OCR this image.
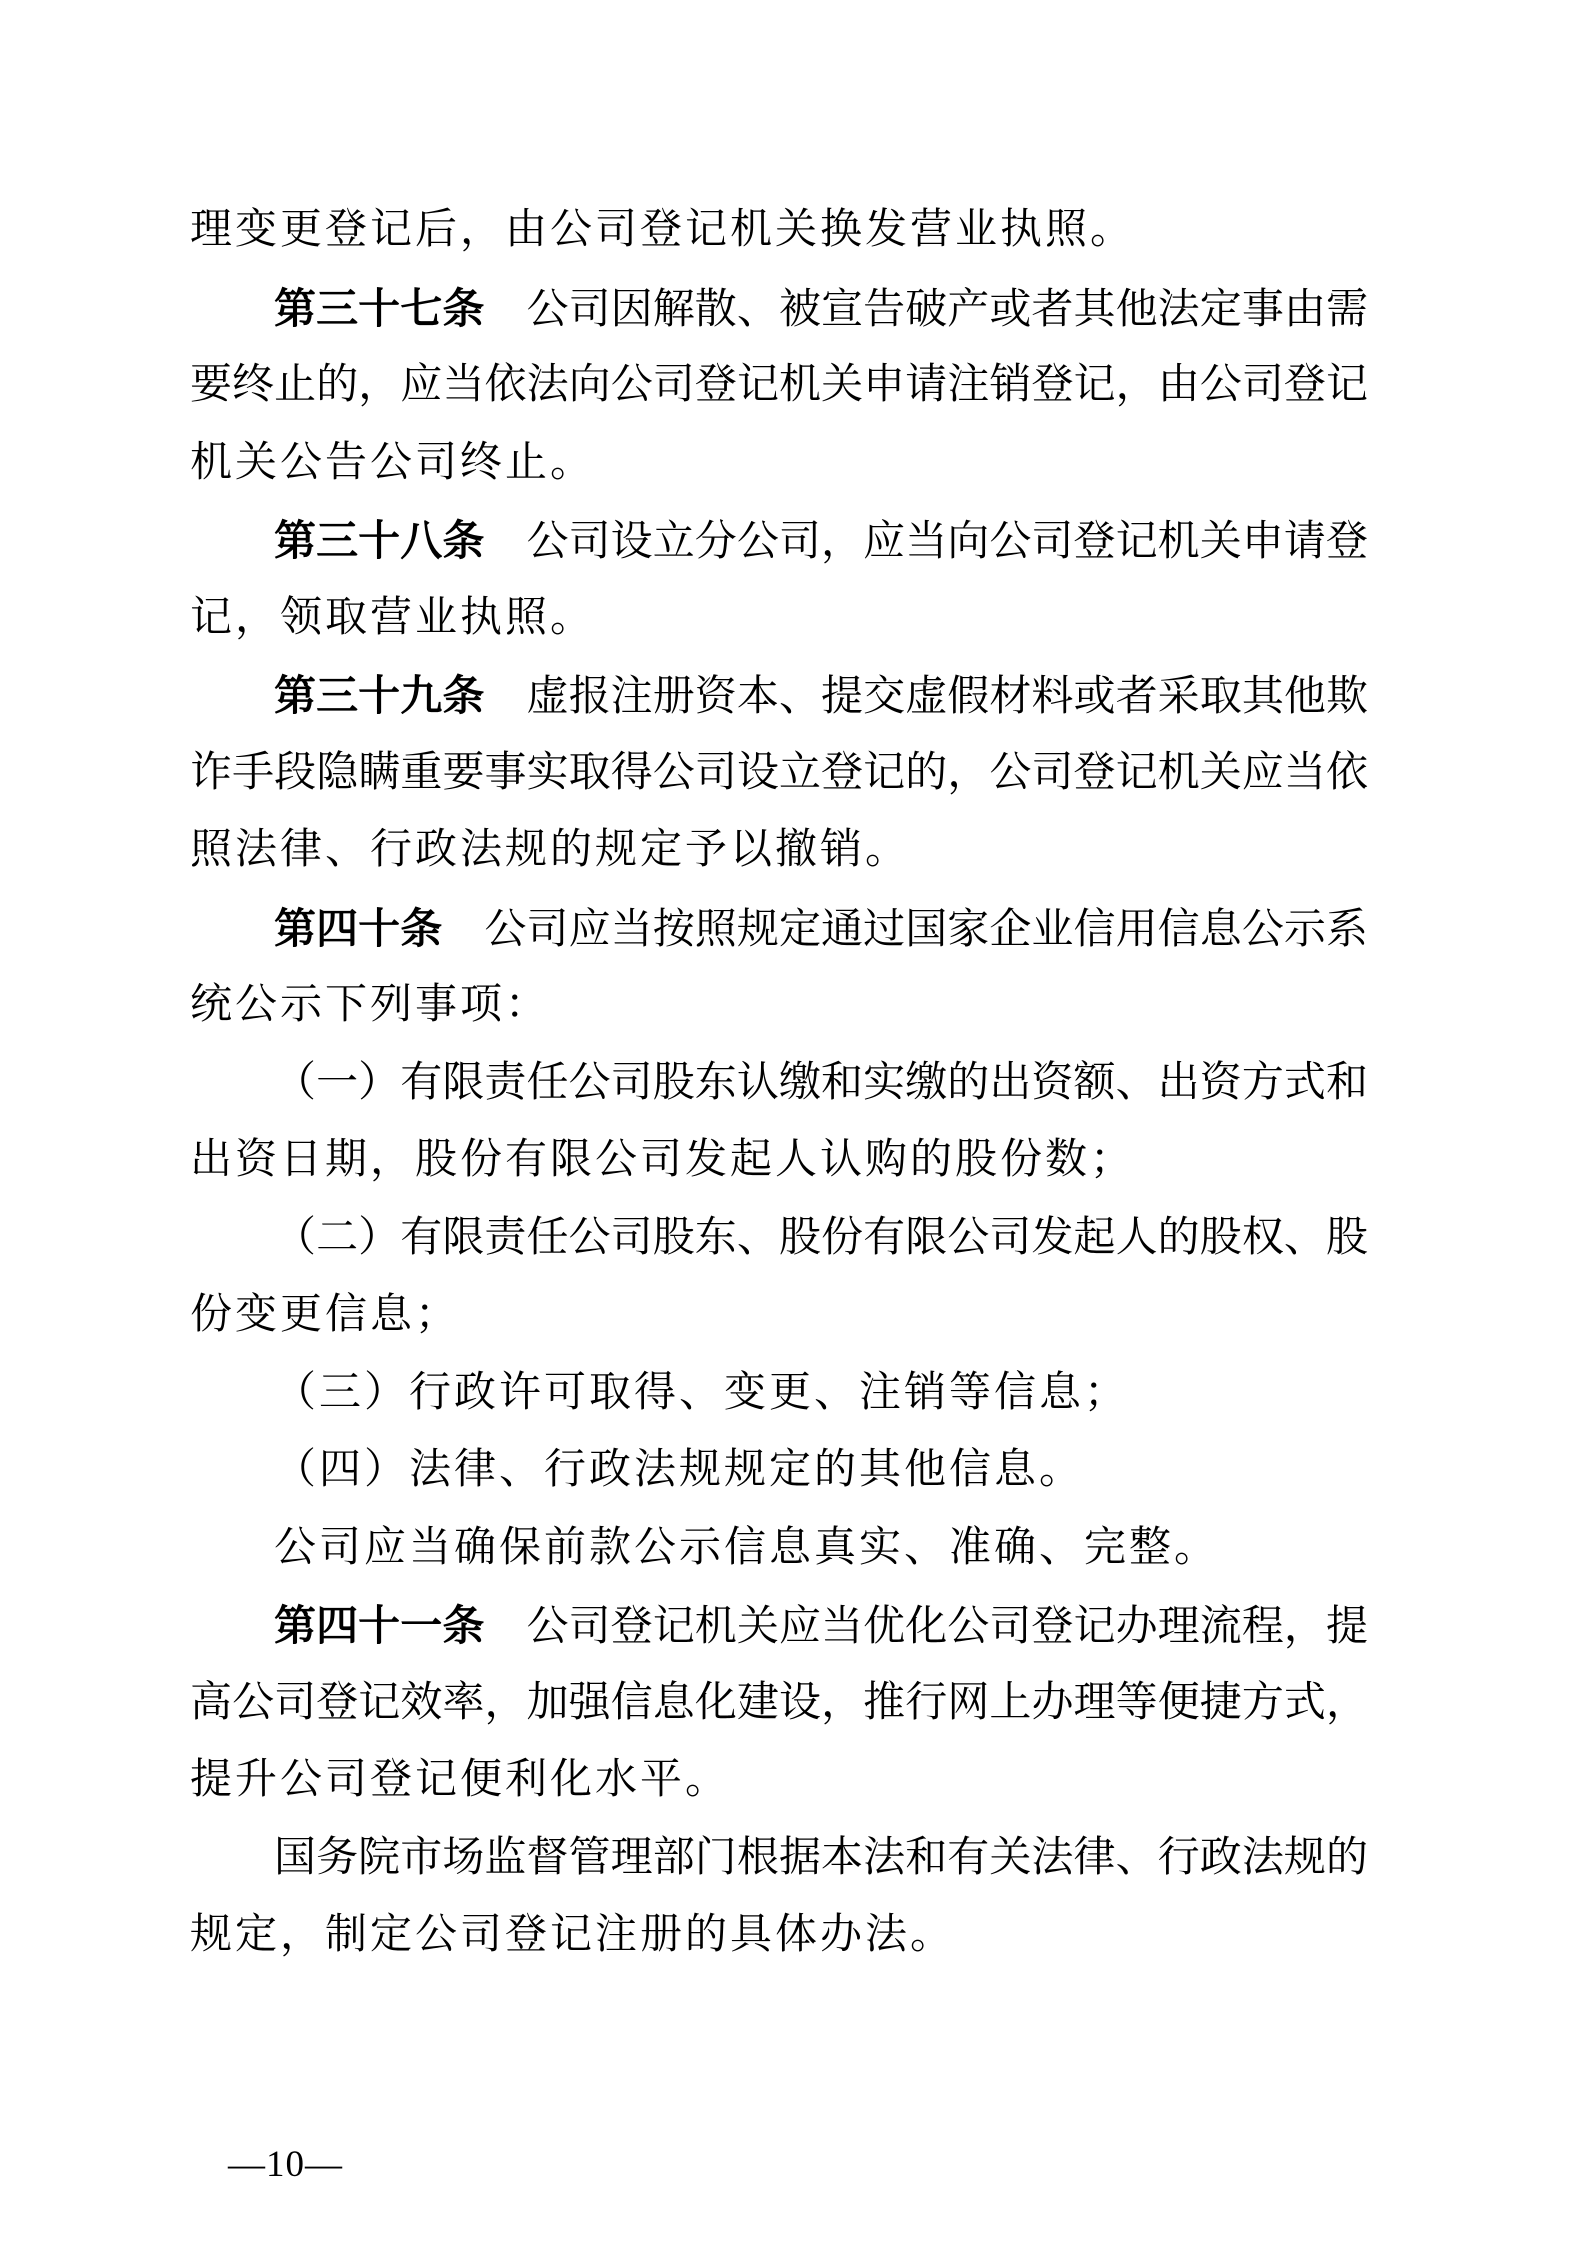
理变更登记后，由公司登记机关换发营业执照。
第三十七条　公司因解散、被宣告破产或者其他法定事由需
要终止的，应当依法向公司登记机关申请注销登记，由公司登记
机关公告公司终止。
第三十八条　公司设立分公司，应当向公司登记机关申请登
记，领取营业执照。
第三十九条　虚报注册资本、提交虚假材料或者采取其他欺
诈手段隐瞒重要事实取得公司设立登记的，公司登记机关应当依
照法律、行政法规的规定予以撤销。
第四十条　公司应当按照规定通过国家企业信用信息公示系
统公示下列事项：
（一）有限责任公司股东认缴和实缴的出资额、出资方式和
出资日期，股份有限公司发起人认购的股份数；
（二）有限责任公司股东、股份有限公司发起人的股权、股
份变更信息；
（三）行政许可取得、变更、注销等信息；
（四）法律、行政法规规定的其他信息。
公司应当确保前款公示信息真实、准确、完整。
第四十一条　公司登记机关应当优化公司登记办理流程，提
高公司登记效率，加强信息化建设，推行网上办理等便捷方式，
提升公司登记便利化水平。
国务院市场监督管理部门根据本法和有关法律、行政法规的
规定，制定公司登记注册的具体办法。
—10—
